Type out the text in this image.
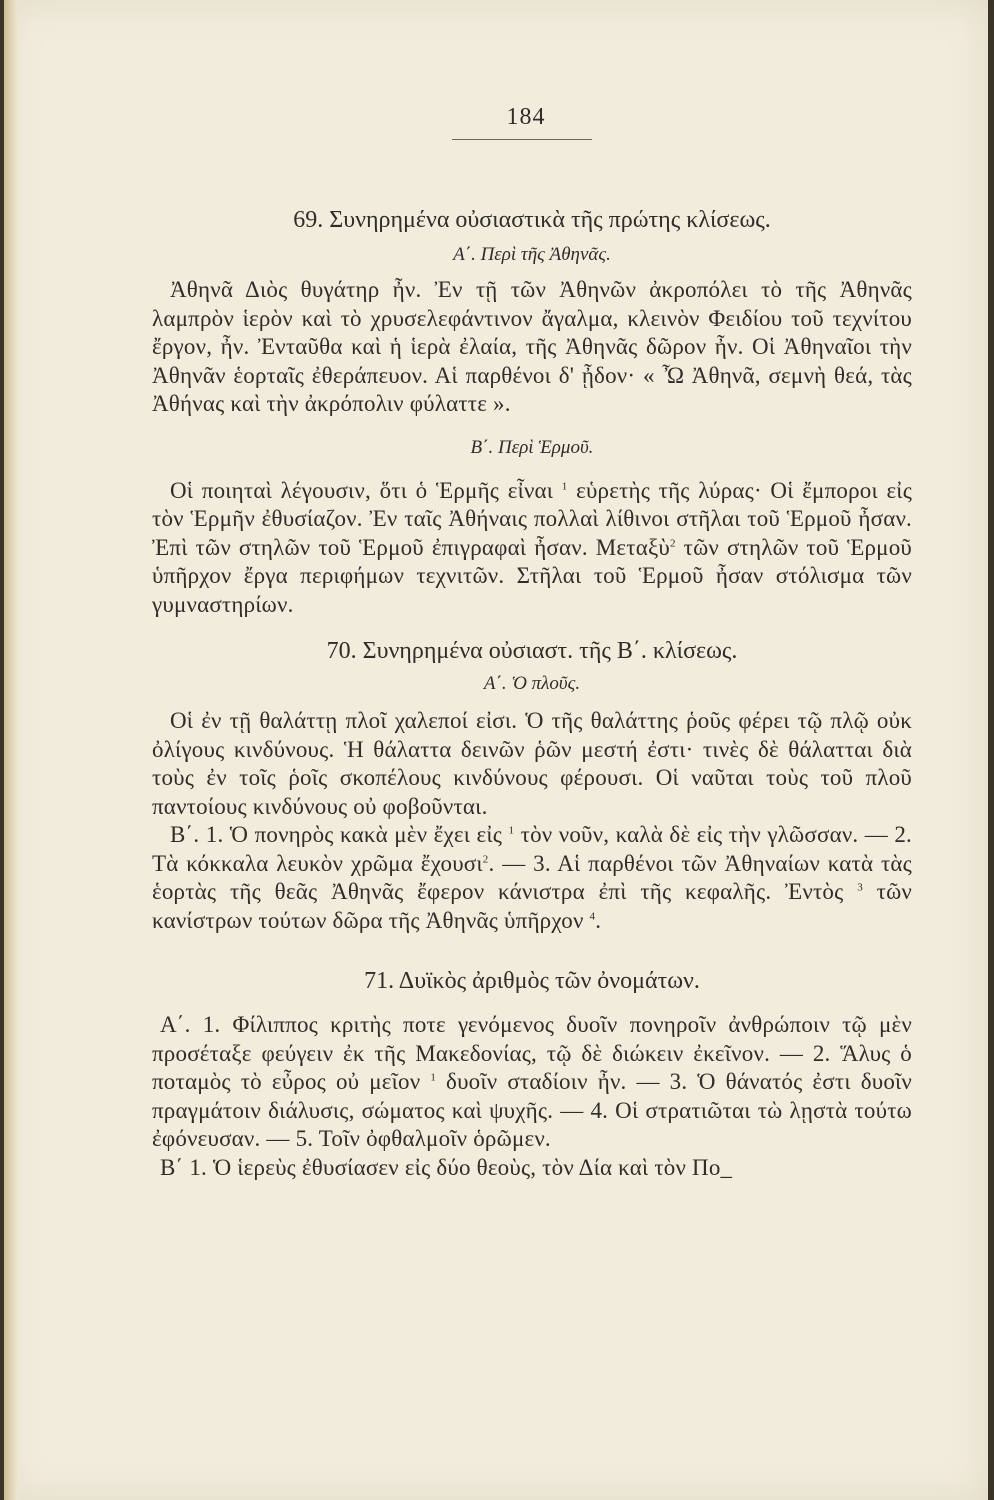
184

69. Συνηρημένα οὐσιαστικὰ τῆς πρώτης κλίσεως.

Α΄. Περὶ τῆς Ἀθηνᾶς.

Ἀθηνᾶ Διὸς θυγάτηρ ἦν. Ἐν τῇ τῶν Ἀθηνῶν ἀκροπόλει τὸ τῆς Ἀθηνᾶς λαμπρὸν ἱερὸν καὶ τὸ χρυσελεφάντινον ἄγαλμα, κλεινὸν Φειδίου τοῦ τεχνίτου ἔργον, ἦν. Ἐνταῦθα καὶ ἡ ἱερὰ ἐλαία, τῆς Ἀθηνᾶς δῶρον ἦν. Οἱ Ἀθηναῖοι τὴν Ἀθηνᾶν ἑορταῖς ἐθεράπευον. Αἱ παρθένοι δ' ᾖδον· « Ὦ Ἀθηνᾶ, σεμνὴ θεά, τὰς Ἀθήνας καὶ τὴν ἀκρόπολιν φύλαττε ».

Β΄. Περὶ Ἑρμοῦ.

Οἱ ποιηταὶ λέγουσιν, ὅτι ὁ Ἑρμῆς εἶναι $^1$ εὑρετὴς τῆς λύρας· Οἱ ἔμποροι εἰς τὸν Ἑρμῆν ἐθυσίαζον. Ἐν ταῖς Ἀθήναις πολλαὶ λίθινοι στῆλαι τοῦ Ἑρμοῦ ἦσαν. Ἐπὶ τῶν στηλῶν τοῦ Ἑρμοῦ ἐπιγραφαὶ ἦσαν. Μεταξὺ$^2$ τῶν στηλῶν τοῦ Ἑρμοῦ ὑπῆρχον ἔργα περιφήμων τεχνιτῶν. Στῆλαι τοῦ Ἑρμοῦ ἦσαν στόλισμα τῶν γυμναστηρίων.

70. Συνηρημένα οὐσιαστ. τῆς Β΄. κλίσεως.

Α΄. Ὁ πλοῦς.

Οἱ ἐν τῇ θαλάττῃ πλοῖ χαλεποί εἰσι. Ὁ τῆς θαλάττης ῥοῦς φέρει τῷ πλῷ οὐκ ὀλίγους κινδύνους. Ἡ θάλαττα δεινῶν ῥῶν μεστή ἐστι· τινὲς δὲ θάλατται διὰ τοὺς ἐν τοῖς ῥοῖς σκοπέλους κινδύνους φέρουσι. Οἱ ναῦται τοὺς τοῦ πλοῦ παντοίους κινδύνους οὐ φοβοῦνται.

Β΄. 1. Ὁ πονηρὸς κακὰ μὲν ἔχει εἰς $^1$ τὸν νοῦν, καλὰ δὲ εἰς τὴν γλῶσσαν. — 2. Τὰ κόκκαλα λευκὸν χρῶμα ἔχουσι$^2$. — 3. Αἱ παρθένοι τῶν Ἀθηναίων κατὰ τὰς ἑορτὰς τῆς θεᾶς Ἀθηνᾶς ἔφερον κάνιστρα ἐπὶ τῆς κεφαλῆς. Ἐντὸς $^3$ τῶν κανίστρων τούτων δῶρα τῆς Ἀθηνᾶς ὑπῆρχον $^4$.

71. Δυϊκὸς ἀριθμὸς τῶν ὀνομάτων.

Α΄. 1. Φίλιππος κριτὴς ποτε γενόμενος δυοῖν πονηροῖν ἀνθρώποιν τῷ μὲν προσέταξε φεύγειν ἐκ τῆς Μακεδονίας, τῷ δὲ διώκειν ἐκεῖνον. — 2. Ἅλυς ὁ ποταμὸς τὸ εὖρος οὐ μεῖον $^1$ δυοῖν σταδίοιν ἦν. — 3. Ὁ θάνατός ἐστι δυοῖν πραγμάτοιν διάλυσις, σώματος καὶ ψυχῆς. — 4. Οἱ στρατιῶται τὼ λῃστὰ τούτω ἐφόνευσαν. — 5. Τοῖν ὀφθαλμοῖν ὁρῶμεν.

Β΄ 1. Ὁ ἱερεὺς ἐθυσίασεν εἰς δύο θεοὺς, τὸν Δία καὶ τὸν Πο_
